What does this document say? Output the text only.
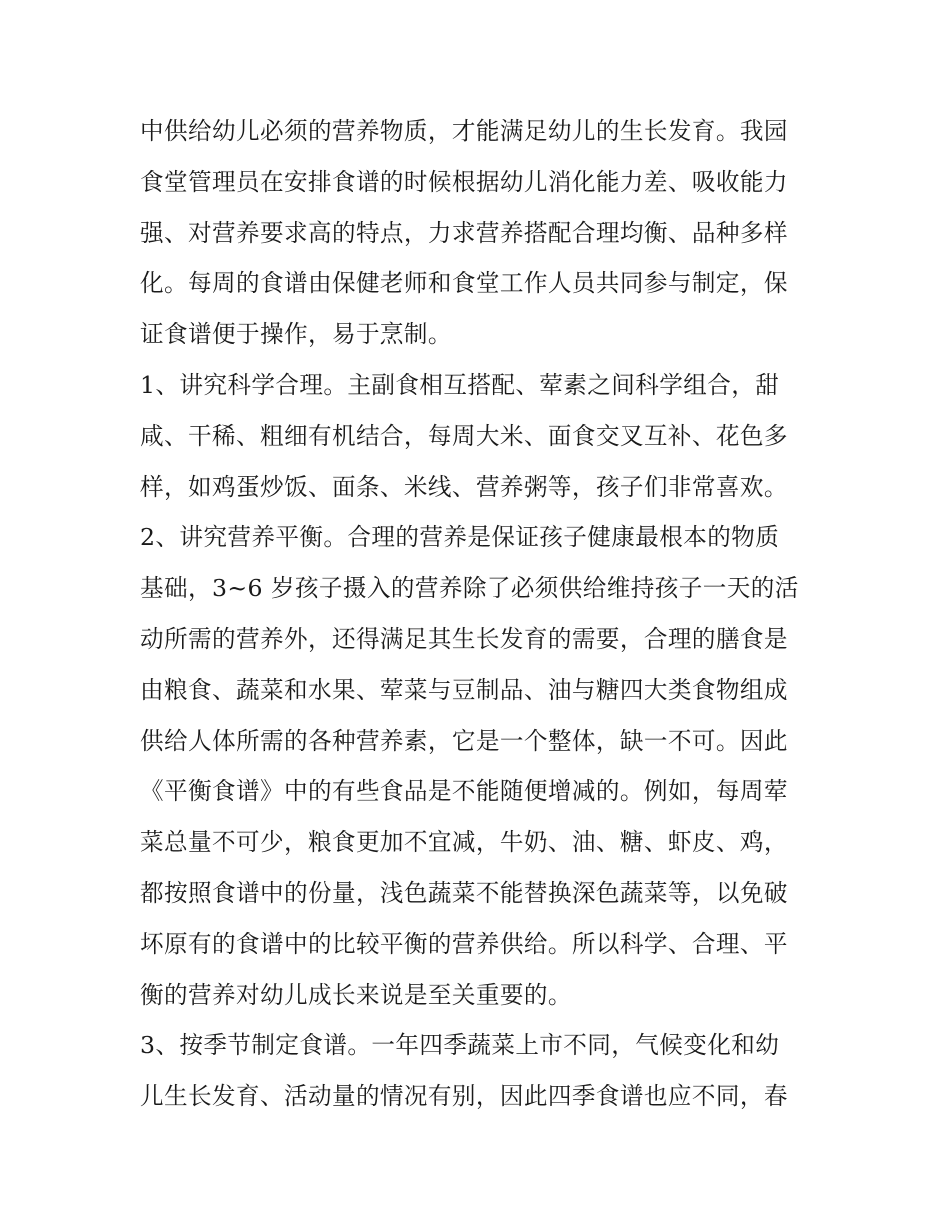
中供给幼儿必须的营养物质，才能满足幼儿的生长发育。我园
食堂管理员在安排食谱的时候根据幼儿消化能力差、吸收能力
强、对营养要求高的特点，力求营养搭配合理均衡、品种多样
化。每周的食谱由保健老师和食堂工作人员共同参与制定，保
证食谱便于操作，易于烹制。
1、讲究科学合理。主副食相互搭配、荤素之间科学组合，甜
咸、干稀、粗细有机结合，每周大米、面食交叉互补、花色多
样，如鸡蛋炒饭、面条、米线、营养粥等，孩子们非常喜欢。
2、讲究营养平衡。合理的营养是保证孩子健康最根本的物质
基础，3~6 岁孩子摄入的营养除了必须供给维持孩子一天的活
动所需的营养外，还得满足其生长发育的需要，合理的膳食是
由粮食、蔬菜和水果、荤菜与豆制品、油与糖四大类食物组成
供给人体所需的各种营养素，它是一个整体，缺一不可。因此
《平衡食谱》中的有些食品是不能随便增减的。例如，每周荤
菜总量不可少，粮食更加不宜减，牛奶、油、糖、虾皮、鸡，
都按照食谱中的份量，浅色蔬菜不能替换深色蔬菜等，以免破
坏原有的食谱中的比较平衡的营养供给。所以科学、合理、平
衡的营养对幼儿成长来说是至关重要的。
3、按季节制定食谱。一年四季蔬菜上市不同，气候变化和幼
儿生长发育、活动量的情况有别，因此四季食谱也应不同，春
